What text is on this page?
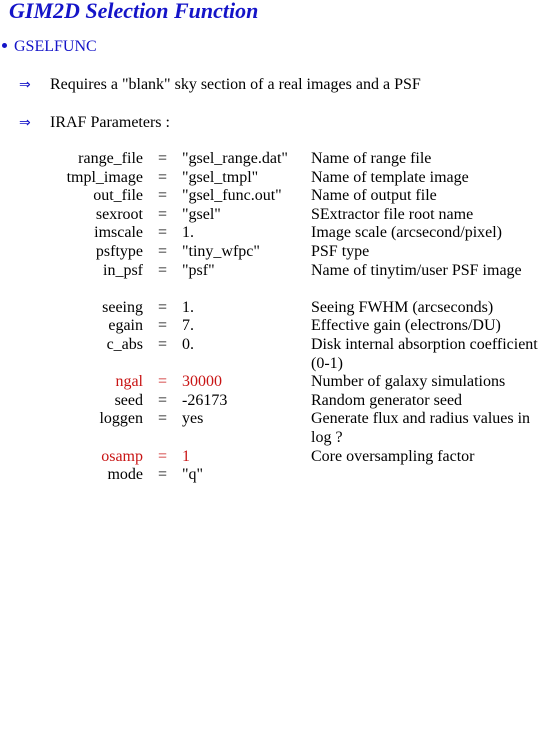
GIM2D Selection Function
GSELFUNC
⇒ Requires a "blank" sky section of a real images and a PSF
⇒ IRAF Parameters :
range_file = "gsel_range.dat" Name of range file
tmpl_image = "gsel_tmpl"	Name of template image
out_file = "gsel_func.out" Name of output file
sexroot = "gsel"	SExtractor file root name
imscale = 1.	Image scale (arcsecond/pixel)
psftype = "tiny_wfpc"	PSF type
in_psf = "psf"	Name of tinytim/user PSF image
seeing = 1.	Seeing FWHM (arcseconds)
egain = 7.	Effective gain (electrons/DU)
c_abs = 0.	Disk internal absorption coefficient (0-1)
ngal = 30000	Number of galaxy simulations
seed = -26173	Random generator seed
loggen = yes	Generate flux and radius values in log ?
osamp = 1	Core oversampling factor
mode = "q"
